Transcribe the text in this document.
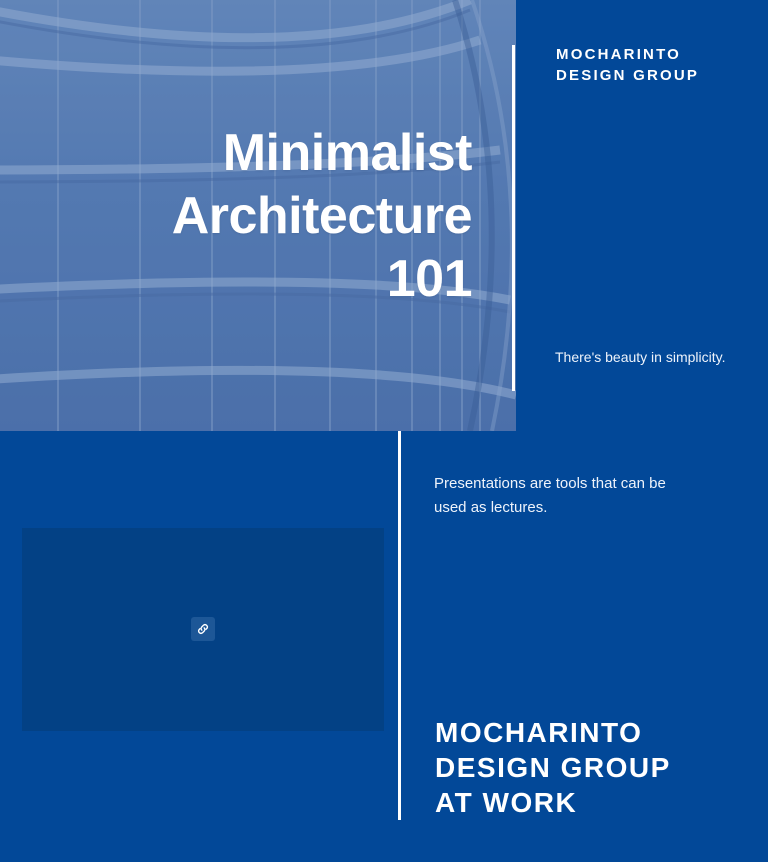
Minimalist
Architecture
101
MOCHARINTO
DESIGN GROUP

There's beauty in simplicity.

Presentations are tools that can be used as lectures.

MOCHARINTO
DESIGN GROUP
AT WORK
